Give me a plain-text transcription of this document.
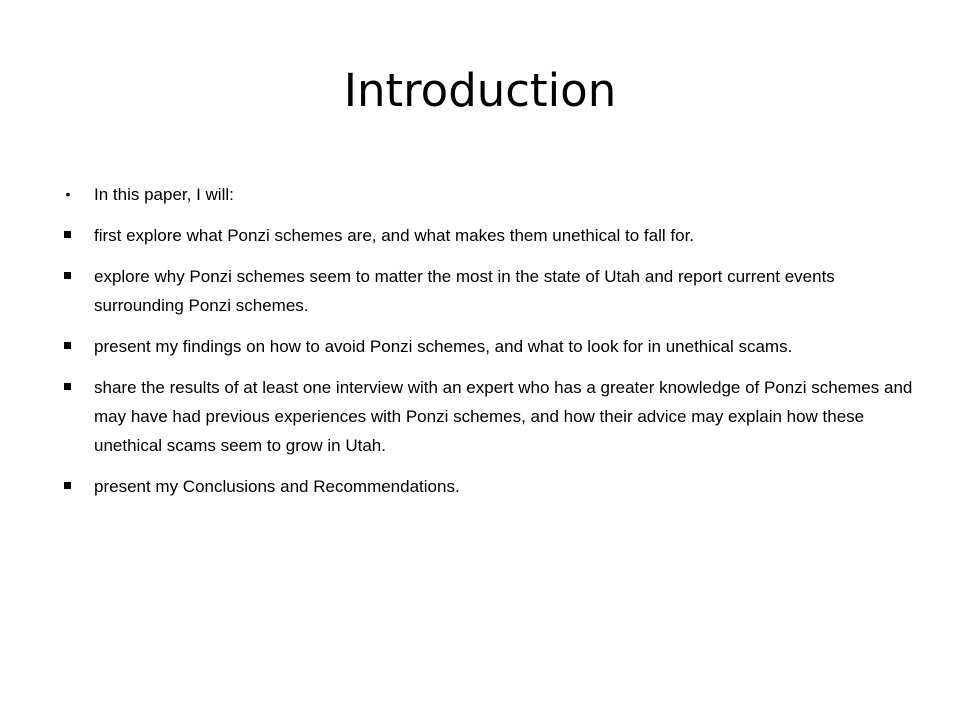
Introduction
•	In this paper, I will:
first explore what Ponzi schemes are, and what makes them unethical to fall for.
explore why Ponzi schemes seem to matter the most in the state of Utah and report current events surrounding Ponzi schemes.
present my findings on how to avoid Ponzi schemes, and what to look for in unethical scams.
share the results of at least one interview with an expert who has a greater knowledge of Ponzi schemes and may have had previous experiences with Ponzi schemes, and how their advice may explain how these unethical scams seem to grow in Utah.
present my Conclusions and Recommendations.
